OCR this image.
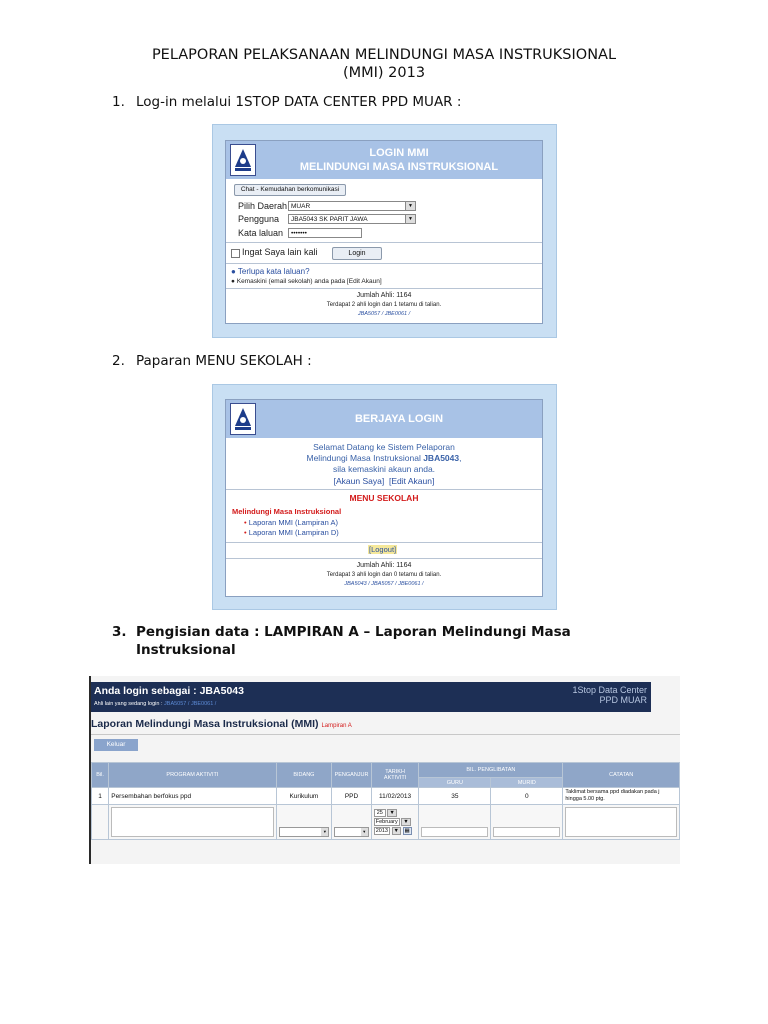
PELAPORAN PELAKSANAAN MELINDUNGI MASA INSTRUKSIONAL
(MMI) 2013
1. Log-in melalui 1STOP DATA CENTER PPD MUAR :
LOGIN MMI
MELINDUNGI MASA INSTRUKSIONAL
Chat - Kemudahan berkomunikasi
Pilih Daerah MUAR	▼
Pengguna	JBA5043 SK PARIT JAWA	▼
Kata laluan	•••••••
Ingat Saya lain kali	Login
● Terlupa kata laluan?
● Kemaskini (email sekolah) anda pada [Edit Akaun]
Jumlah Ahli: 1164
Terdapat 2 ahli login dan 1 tetamu di talian.
JBA5057 / JBE0061 /
2. Paparan MENU SEKOLAH :
BERJAYA LOGIN
Selamat Datang ke Sistem Pelaporan
Melindungi Masa Instruksional JBA5043,
sila kemaskini akaun anda.
[Akaun Saya] [Edit Akaun]
MENU SEKOLAH
Melindungi Masa Instruksional
• Laporan MMI (Lampiran A)
• Laporan MMI (Lampiran D)
[Logout]
Jumlah Ahli: 1164
Terdapat 3 ahli login dan 0 tetamu di talian.
JBA5043 / JBA5057 / JBE0061 /
3. Pengisian data : LAMPIRAN A – Laporan Melindungi Masa
Instruksional
Anda login sebagai : JBA5043
Ahli lain yang sedang login : JBA5057 / JBE0061 /
1Stop Data Center
PPD MUAR
Laporan Melindungi Masa Instruksional (MMI) Lampiran A
Keluar
Bil.	PROGRAM AKTIVITI	BIDANG	PENGANJUR	TARIKH AKTIVITI	BIL. PENGLIBATAN		CATATAN
					GURU	MURID	
1	Persembahan berfokus ppd	Kurikulum	PPD	11/02/2013	35	0	Taklimat bersama ppd diadakan pada j
hingga 5.00 ptg.

		▼	▼	25 ▼
February ▼
2013 ▼ ▦			
